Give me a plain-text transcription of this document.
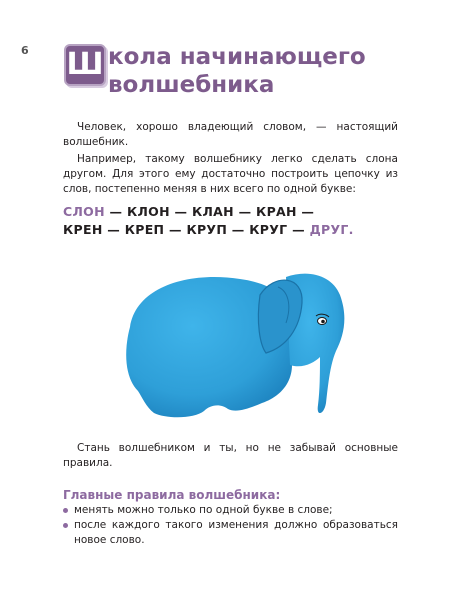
6 Ш кола начинающего
волшебника
Человек, хорошо владеющий словом, — настоящий волшебник.
Например, такому волшебнику легко сделать слона другом. Для этого ему достаточно построить цепочку из слов, постепенно меняя в них всего по одной букве:
СЛОН — КЛОН — КЛАН — КРАН —
КРЕН — КРЕП — КРУП — КРУГ — ДРУГ.
Стань волшебником и ты, но не забывай основные правила.
Главные правила волшебника:
менять можно только по одной букве в слове;
после каждого такого изменения должно образоваться новое слово.
